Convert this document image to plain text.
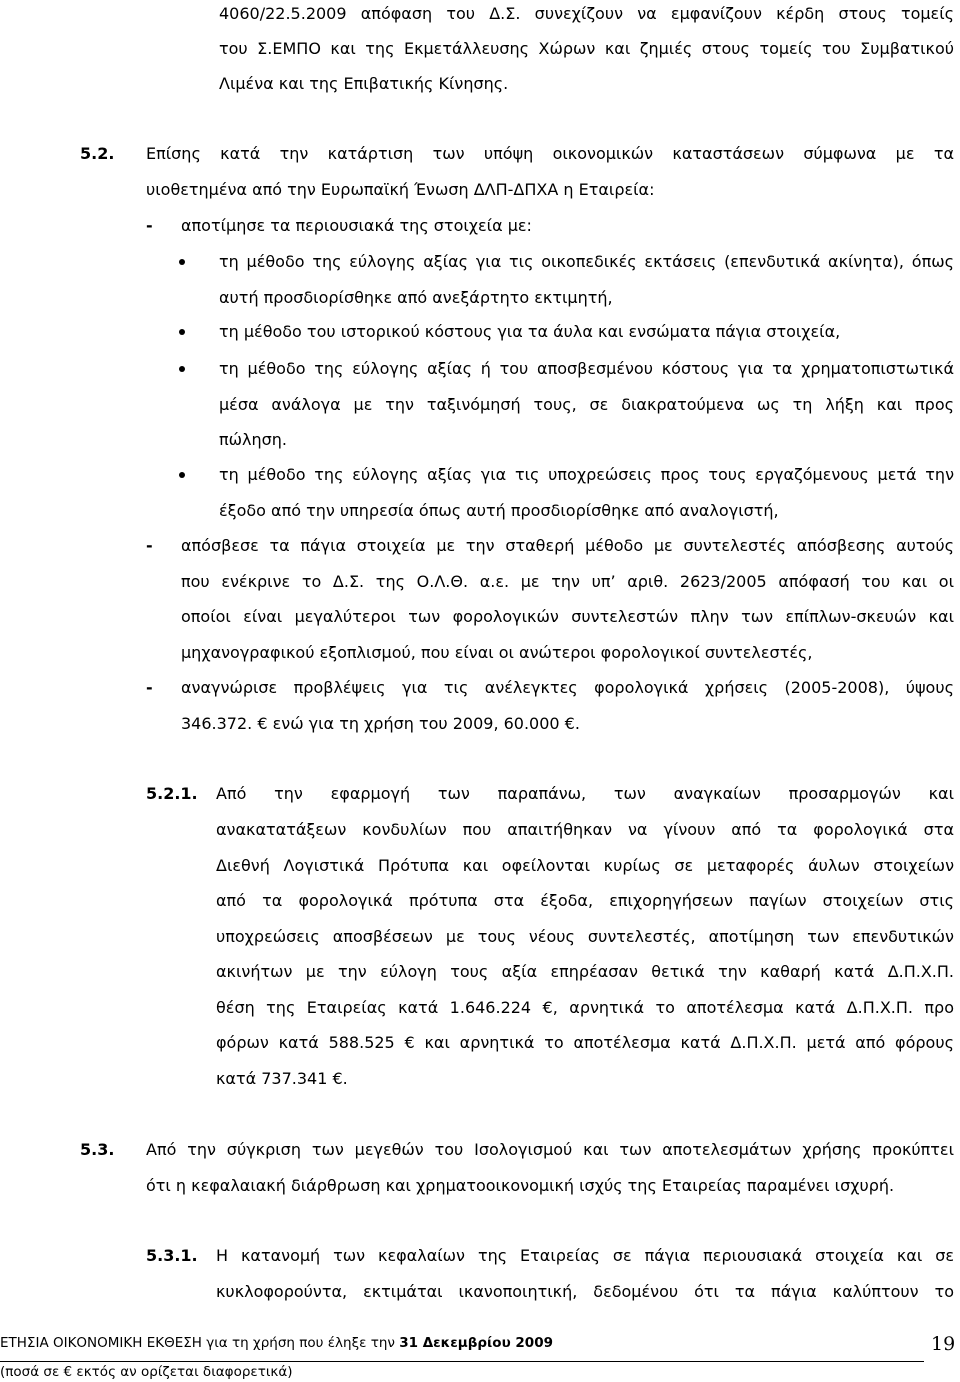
4060/22.5.2009 απόφαση του Δ.Σ. συνεχίζουν να εμφανίζουν κέρδη στους τομείς
του Σ.ΕΜΠΟ και της Εκμετάλλευσης Χώρων και ζημιές στους τομείς του Συμβατικού
Λιμένα και της Επιβατικής Κίνησης.
5.2. Επίσης κατά την κατάρτιση των υπόψη οικονομικών καταστάσεων σύμφωνα με τα
υιοθετημένα από την Ευρωπαϊκή Ένωση ΔΛΠ-ΔΠΧΑ η Εταιρεία:
- αποτίμησε τα περιουσιακά της στοιχεία με:
τη μέθοδο της εύλογης αξίας για τις οικοπεδικές εκτάσεις (επενδυτικά ακίνητα), όπως
αυτή προσδιορίσθηκε από ανεξάρτητο εκτιμητή,
τη μέθοδο του ιστορικού κόστους για τα άυλα και ενσώματα πάγια στοιχεία,
τη μέθοδο της εύλογης αξίας ή του αποσβεσμένου κόστους για τα χρηματοπιστωτικά
μέσα ανάλογα με την ταξινόμησή τους, σε διακρατούμενα ως τη λήξη και προς
πώληση.
τη μέθοδο της εύλογης αξίας για τις υποχρεώσεις προς τους εργαζόμενους μετά την
έξοδο από την υπηρεσία όπως αυτή προσδιορίσθηκε από αναλογιστή,
- απόσβεσε τα πάγια στοιχεία με την σταθερή μέθοδο με συντελεστές απόσβεσης αυτούς
που ενέκρινε το Δ.Σ. της Ο.Λ.Θ. α.ε. με την υπ’ αριθ. 2623/2005 απόφασή του και οι
οποίοι είναι μεγαλύτεροι των φορολογικών συντελεστών πλην των επίπλων-σκευών και
μηχανογραφικού εξοπλισμού, που είναι οι ανώτεροι φορολογικοί συντελεστές,
- αναγνώρισε προβλέψεις για τις ανέλεγκτες φορολογικά χρήσεις (2005-2008), ύψους
346.372. € ενώ για τη χρήση του 2009, 60.000 €.
5.2.1. Από την εφαρμογή των παραπάνω, των αναγκαίων προσαρμογών και
ανακατατάξεων κονδυλίων που απαιτήθηκαν να γίνουν από τα φορολογικά στα
Διεθνή Λογιστικά Πρότυπα και οφείλονται κυρίως σε μεταφορές άυλων στοιχείων
από τα φορολογικά πρότυπα στα έξοδα, επιχορηγήσεων παγίων στοιχείων στις
υποχρεώσεις αποσβέσεων με τους νέους συντελεστές, αποτίμηση των επενδυτικών
ακινήτων με την εύλογη τους αξία επηρέασαν θετικά την καθαρή κατά Δ.Π.Χ.Π.
θέση της Εταιρείας κατά 1.646.224 €, αρνητικά το αποτέλεσμα κατά Δ.Π.Χ.Π. προ
φόρων κατά 588.525 € και αρνητικά το αποτέλεσμα κατά Δ.Π.Χ.Π. μετά από φόρους
κατά 737.341 €.
5.3. Από την σύγκριση των μεγεθών του Ισολογισμού και των αποτελεσμάτων χρήσης προκύπτει
ότι η κεφαλαιακή διάρθρωση και χρηματοοικονομική ισχύς της Εταιρείας παραμένει ισχυρή.
5.3.1. Η κατανομή των κεφαλαίων της Εταιρείας σε πάγια περιουσιακά στοιχεία και σε
κυκλοφορούντα, εκτιμάται ικανοποιητική, δεδομένου ότι τα πάγια καλύπτουν το
ΕΤΗΣΙΑ ΟΙΚΟΝΟΜΙΚΗ ΕΚΘΕΣΗ για τη χρήση που έληξε την 31 Δεκεμβρίου 2009	19
(ποσά σε € εκτός αν ορίζεται διαφορετικά)
